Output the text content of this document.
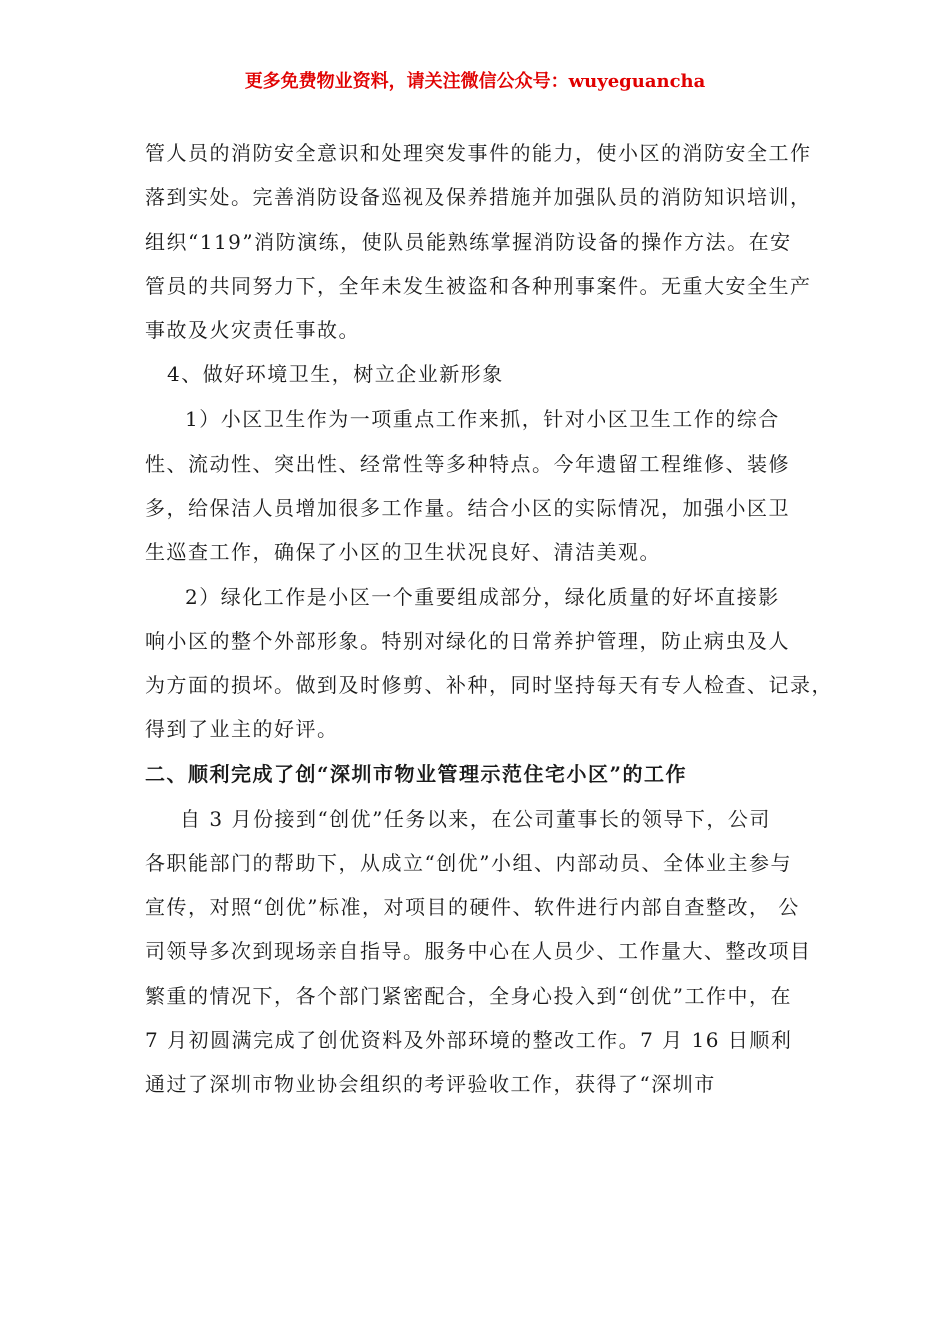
更多免费物业资料，请关注微信公众号：wuyeguancha
管人员的消防安全意识和处理突发事件的能力，使小区的消防安全工作
落到实处。完善消防设备巡视及保养措施并加强队员的消防知识培训，
组织“119”消防演练，使队员能熟练掌握消防设备的操作方法。在安
管员的共同努力下，全年未发生被盗和各种刑事案件。无重大安全生产
事故及火灾责任事故。
4、做好环境卫生，树立企业新形象
1）小区卫生作为一项重点工作来抓，针对小区卫生工作的综合
性、流动性、突出性、经常性等多种特点。今年遗留工程维修、装修
多，给保洁人员增加很多工作量。结合小区的实际情况，加强小区卫
生巡查工作，确保了小区的卫生状况良好、清洁美观。
2）绿化工作是小区一个重要组成部分，绿化质量的好坏直接影
响小区的整个外部形象。特别对绿化的日常养护管理，防止病虫及人
为方面的损坏。做到及时修剪、补种，同时坚持每天有专人检查、记录，
得到了业主的好评。
二、顺利完成了创“深圳市物业管理示范住宅小区”的工作
自 3 月份接到“创优”任务以来，在公司董事长的领导下，公司
各职能部门的帮助下，从成立“创优”小组、内部动员、全体业主参与
宣传，对照“创优”标准，对项目的硬件、软件进行内部自查整改， 公
司领导多次到现场亲自指导。服务中心在人员少、工作量大、整改项目
繁重的情况下，各个部门紧密配合，全身心投入到“创优”工作中，在
7 月初圆满完成了创优资料及外部环境的整改工作。7 月 16 日顺利
通过了深圳市物业协会组织的考评验收工作，获得了“深圳市
